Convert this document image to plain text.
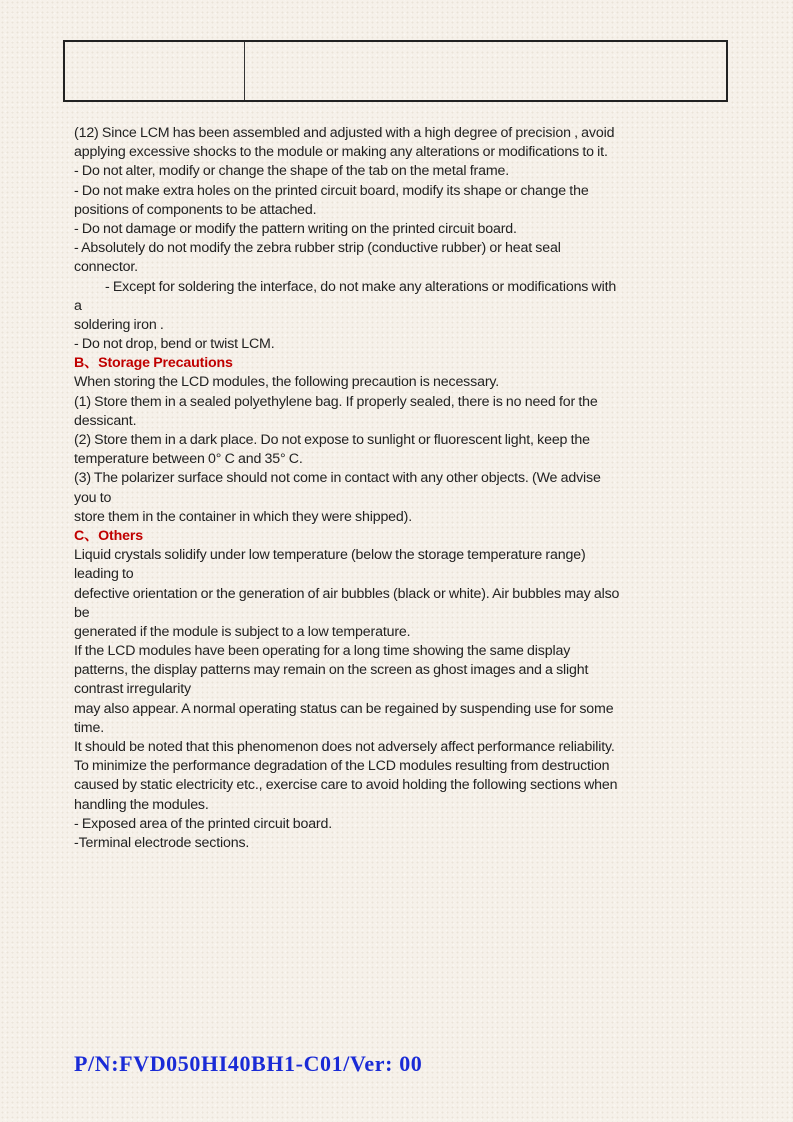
(12) Since LCM has been assembled and adjusted with a high degree of precision , avoid
applying excessive shocks to the module or making any alterations or modifications to it.
- Do not alter, modify or change the shape of the tab on the metal frame.
- Do not make extra holes on the printed circuit board, modify its shape or change the
positions of components to be attached.
- Do not damage or modify the pattern writing on the printed circuit board.
- Absolutely do not modify the zebra rubber strip (conductive rubber) or heat seal
connector.
- Except for soldering the interface, do not make any alterations or modifications with
a
soldering iron .
- Do not drop, bend or twist LCM.
B、Storage Precautions
When storing the LCD modules, the following precaution is necessary.
(1) Store them in a sealed polyethylene bag. If properly sealed, there is no need for the
dessicant.
(2) Store them in a dark place. Do not expose to sunlight or fluorescent light, keep the
temperature between 0° C and 35° C.
(3) The polarizer surface should not come in contact with any other objects. (We advise
you to
store them in the container in which they were shipped).
C、Others
Liquid crystals solidify under low temperature (below the storage temperature range)
leading to
defective orientation or the generation of air bubbles (black or white). Air bubbles may also
be
generated if the module is subject to a low temperature.
If the LCD modules have been operating for a long time showing the same display
patterns, the display patterns may remain on the screen as ghost images and a slight
contrast irregularity
may also appear. A normal operating status can be regained by suspending use for some
time.
It should be noted that this phenomenon does not adversely affect performance reliability.
To minimize the performance degradation of the LCD modules resulting from destruction
caused by static electricity etc., exercise care to avoid holding the following sections when
handling the modules.
- Exposed area of the printed circuit board.
-Terminal electrode sections.
P/N:FVD050HI40BH1-C01/Ver: 00
